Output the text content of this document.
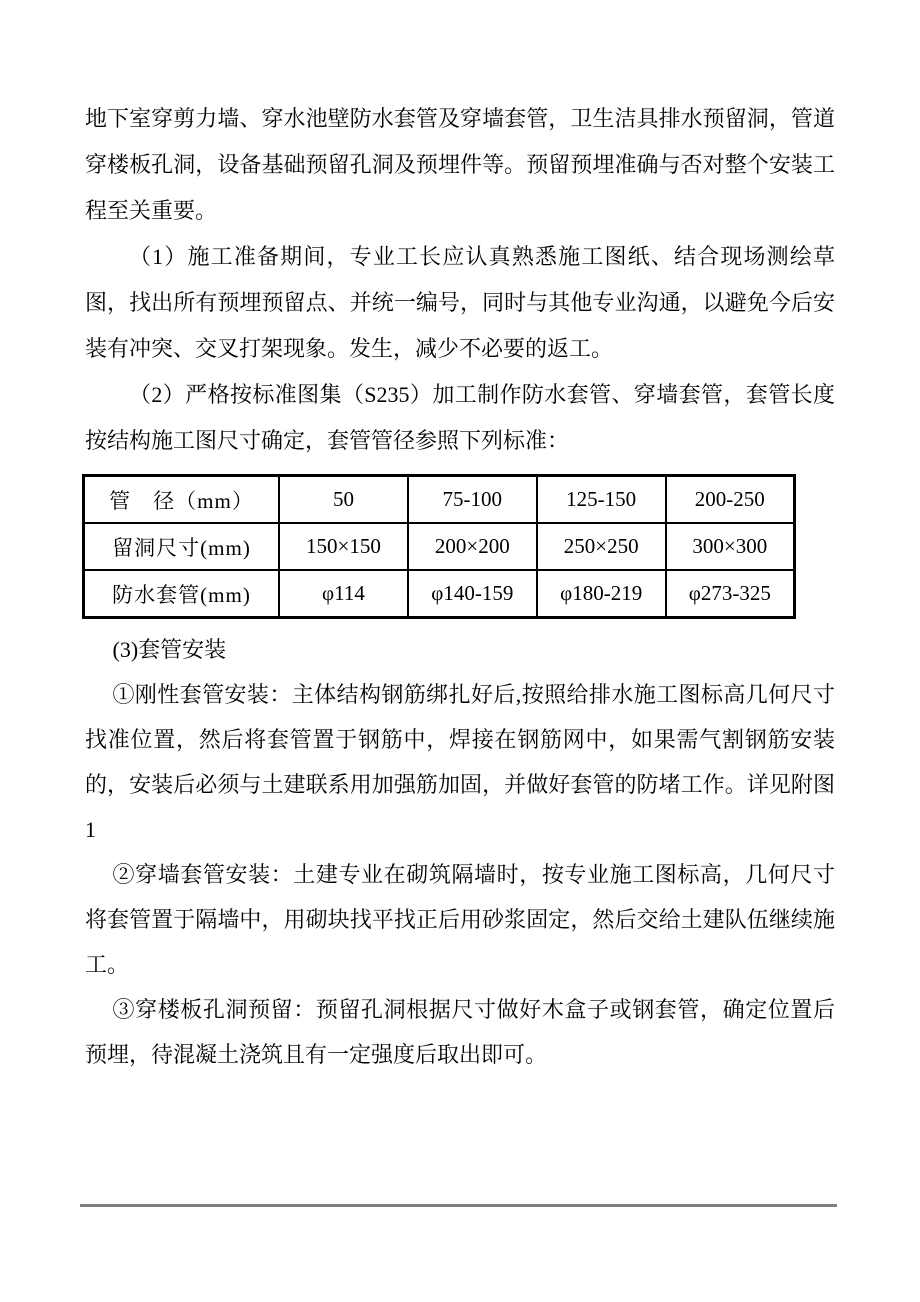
地下室穿剪力墙、穿水池壁防水套管及穿墙套管，卫生洁具排水预留洞，管道穿楼板孔洞，设备基础预留孔洞及预埋件等。预留预埋准确与否对整个安装工程至关重要。

（1）施工准备期间，专业工长应认真熟悉施工图纸、结合现场测绘草图，找出所有预埋预留点、并统一编号，同时与其他专业沟通，以避免今后安装有冲突、交叉打架现象。发生，减少不必要的返工。

（2）严格按标准图集（S235）加工制作防水套管、穿墙套管，套管长度按结构施工图尺寸确定，套管管径参照下列标准：

管　径（mm）	50	75-100	125-150	200-250
留洞尺寸(mm)	150×150	200×200	250×250	300×300
防水套管(mm)	φ114	φ140-159	φ180-219	φ273-325

(3)套管安装

①刚性套管安装：主体结构钢筋绑扎好后,按照给排水施工图标高几何尺寸找准位置，然后将套管置于钢筋中，焊接在钢筋网中，如果需气割钢筋安装的，安装后必须与土建联系用加强筋加固，并做好套管的防堵工作。详见附图 1

②穿墙套管安装：土建专业在砌筑隔墙时，按专业施工图标高，几何尺寸将套管置于隔墙中，用砌块找平找正后用砂浆固定，然后交给土建队伍继续施工。

③穿楼板孔洞预留：预留孔洞根据尺寸做好木盒子或钢套管，确定位置后预埋，待混凝土浇筑且有一定强度后取出即可。
